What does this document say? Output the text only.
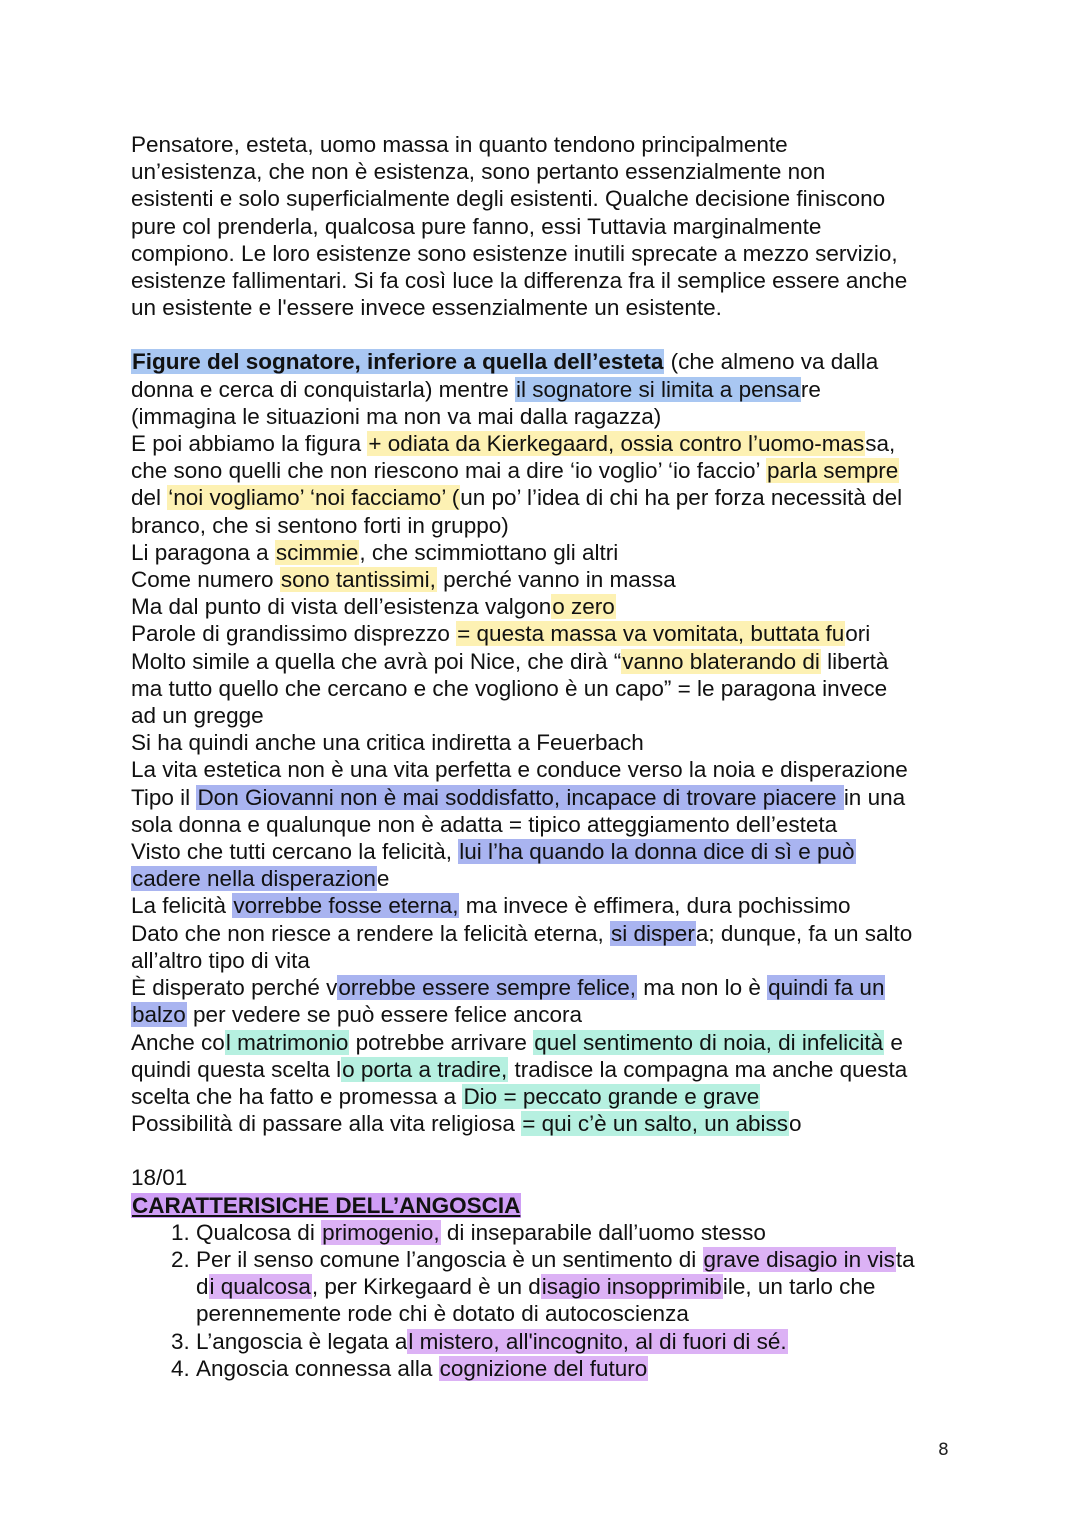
Pensatore, esteta, uomo massa in quanto tendono principalmente
un’esistenza, che non è esistenza, sono pertanto essenzialmente non
esistenti e solo superficialmente degli esistenti. Qualche decisione finiscono
pure col prenderla, qualcosa pure fanno, essi Tuttavia marginalmente
compiono. Le loro esistenze sono esistenze inutili sprecate a mezzo servizio,
esistenze fallimentari. Si fa così luce la differenza fra il semplice essere anche
un esistente e l'essere invece essenzialmente un esistente.
Figure del sognatore, inferiore a quella dell’esteta (che almeno va dalla
donna e cerca di conquistarla) mentre il sognatore si limita a pensare
(immagina le situazioni ma non va mai dalla ragazza)
E poi abbiamo la figura + odiata da Kierkegaard, ossia contro l’uomo-massa,
che sono quelli che non riescono mai a dire ‘io voglio’ ‘io faccio’ parla sempre
del ‘noi vogliamo’ ‘noi facciamo’ (un po’ l’idea di chi ha per forza necessità del
branco, che si sentono forti in gruppo)
Li paragona a scimmie, che scimmiottano gli altri
Come numero sono tantissimi, perché vanno in massa
Ma dal punto di vista dell’esistenza valgono zero
Parole di grandissimo disprezzo = questa massa va vomitata, buttata fuori
Molto simile a quella che avrà poi Nice, che dirà “vanno blaterando di libertà
ma tutto quello che cercano e che vogliono è un capo” = le paragona invece
ad un gregge
Si ha quindi anche una critica indiretta a Feuerbach
La vita estetica non è una vita perfetta e conduce verso la noia e disperazione
Tipo il Don Giovanni non è mai soddisfatto, incapace di trovare piacere in una
sola donna e qualunque non è adatta = tipico atteggiamento dell’esteta
Visto che tutti cercano la felicità, lui l’ha quando la donna dice di sì e può
cadere nella disperazione
La felicità vorrebbe fosse eterna, ma invece è effimera, dura pochissimo
Dato che non riesce a rendere la felicità eterna, si dispera; dunque, fa un salto
all’altro tipo di vita
È disperato perché vorrebbe essere sempre felice, ma non lo è quindi fa un
balzo per vedere se può essere felice ancora
Anche col matrimonio potrebbe arrivare quel sentimento di noia, di infelicità e
quindi questa scelta lo porta a tradire, tradisce la compagna ma anche questa
scelta che ha fatto e promessa a Dio = peccato grande e grave
Possibilità di passare alla vita religiosa = qui c’è un salto, un abisso
18/01
CARATTERISICHE DELL’ANGOSCIA
1. Qualcosa di primogenio, di inseparabile dall’uomo stesso
2. Per il senso comune l’angoscia è un sentimento di grave disagio in vista
di qualcosa, per Kirkegaard è un disagio insopprimibile, un tarlo che
perennemente rode chi è dotato di autocoscienza
3. L’angoscia è legata al mistero, all'incognito, al di fuori di sé.
4. Angoscia connessa alla cognizione del futuro
8
